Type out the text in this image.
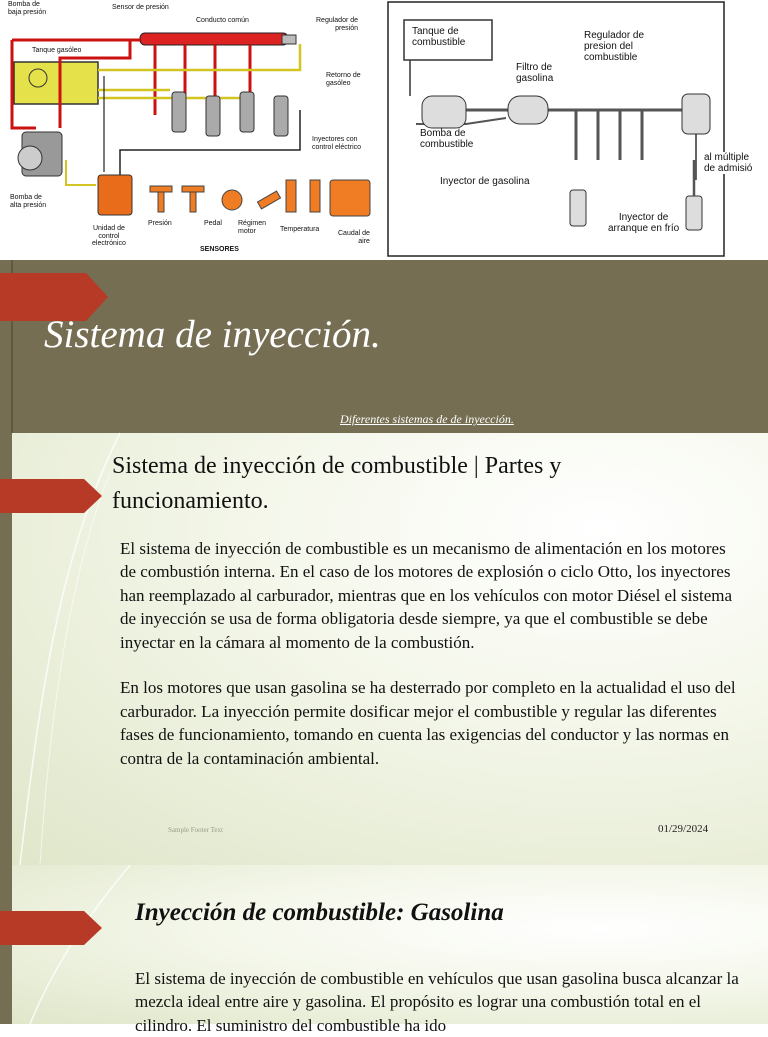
Bomba de
baja presión
Sensor de presión
Conducto común	Regulador de
presión
Tanque gasóleo
Retorno de
gasóleo
Inyectores con
control eléctrico
Bomba de
alta presión
Unidad de
control
electrónico
Presión	Pedal Régimen
motor	Temperatura
Caudal de
aire
SENSORES
Tanque de
combustible
Regulador de
presion del
combustible
Filtro de
gasolina
Bomba de
combustible
al múltiple
de admisió
Inyector de gasolina
Inyector de
arranque en frío
Sistema de inyección.
Diferentes sistemas de de inyección.
Sistema de inyección de combustible | Partes y funcionamiento.

El sistema de inyección de combustible es un mecanismo de alimentación en los motores de combustión interna. En el caso de los motores de explosión o ciclo Otto, los inyectores han reemplazado al carburador, mientras que en los vehículos con motor Diésel el sistema de inyección se usa de forma obligatoria desde siempre, ya que el combustible se debe inyectar en la cámara al momento de la combustión.

En los motores que usan gasolina se ha desterrado por completo en la actualidad el uso del carburador. La inyección permite dosificar mejor el combustible y regular las diferentes fases de funcionamiento, tomando en cuenta las exigencias del conductor y las normas en contra de la contaminación ambiental.

Sample Footer Text	01/29/2024
Inyección de combustible: Gasolina
El sistema de inyección de combustible en vehículos que usan gasolina busca alcanzar la mezcla ideal entre aire y gasolina. El propósito es lograr una combustión total en el cilindro. El suministro del combustible ha ido
